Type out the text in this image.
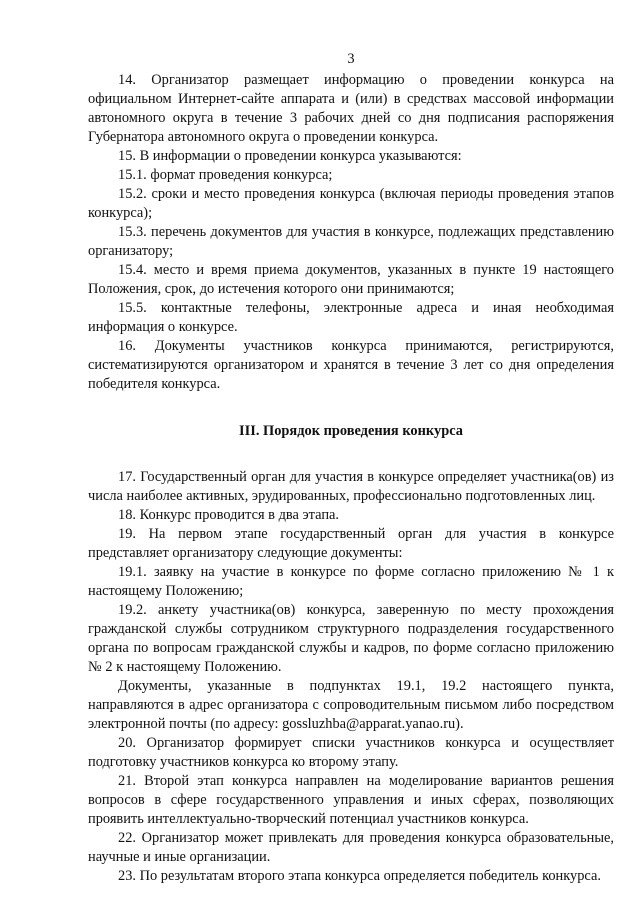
3

14. Организатор размещает информацию о проведении конкурса на официальном Интернет-сайте аппарата и (или) в средствах массовой информации автономного округа в течение 3 рабочих дней со дня подписания распоряжения Губернатора автономного округа о проведении конкурса.

15. В информации о проведении конкурса указываются:

15.1. формат проведения конкурса;

15.2. сроки и место проведения конкурса (включая периоды проведения этапов конкурса);

15.3. перечень документов для участия в конкурсе, подлежащих представлению организатору;

15.4. место и время приема документов, указанных в пункте 19 настоящего Положения, срок, до истечения которого они принимаются;

15.5. контактные телефоны, электронные адреса и иная необходимая информация о конкурсе.

16. Документы участников конкурса принимаются, регистрируются, систематизируются организатором и хранятся в течение 3 лет со дня определения победителя конкурса.

III. Порядок проведения конкурса

17. Государственный орган для участия в конкурсе определяет участника(ов) из числа наиболее активных, эрудированных, профессионально подготовленных лиц.

18. Конкурс проводится в два этапа.

19. На первом этапе государственный орган для участия в конкурсе представляет организатору следующие документы:

19.1. заявку на участие в конкурсе по форме согласно приложению № 1 к настоящему Положению;

19.2. анкету участника(ов) конкурса, заверенную по месту прохождения гражданской службы сотрудником структурного подразделения государственного органа по вопросам гражданской службы и кадров, по форме согласно приложению № 2 к настоящему Положению.

Документы, указанные в подпунктах 19.1, 19.2 настоящего пункта, направляются в адрес организатора с сопроводительным письмом либо посредством электронной почты (по адресу: gossluzhba@apparat.yanao.ru).

20. Организатор формирует списки участников конкурса и осуществляет подготовку участников конкурса ко второму этапу.

21. Второй этап конкурса направлен на моделирование вариантов решения вопросов в сфере государственного управления и иных сферах, позволяющих проявить интеллектуально-творческий потенциал участников конкурса.

22. Организатор может привлекать для проведения конкурса образовательные, научные и иные организации.

23. По результатам второго этапа конкурса определяется победитель конкурса.
